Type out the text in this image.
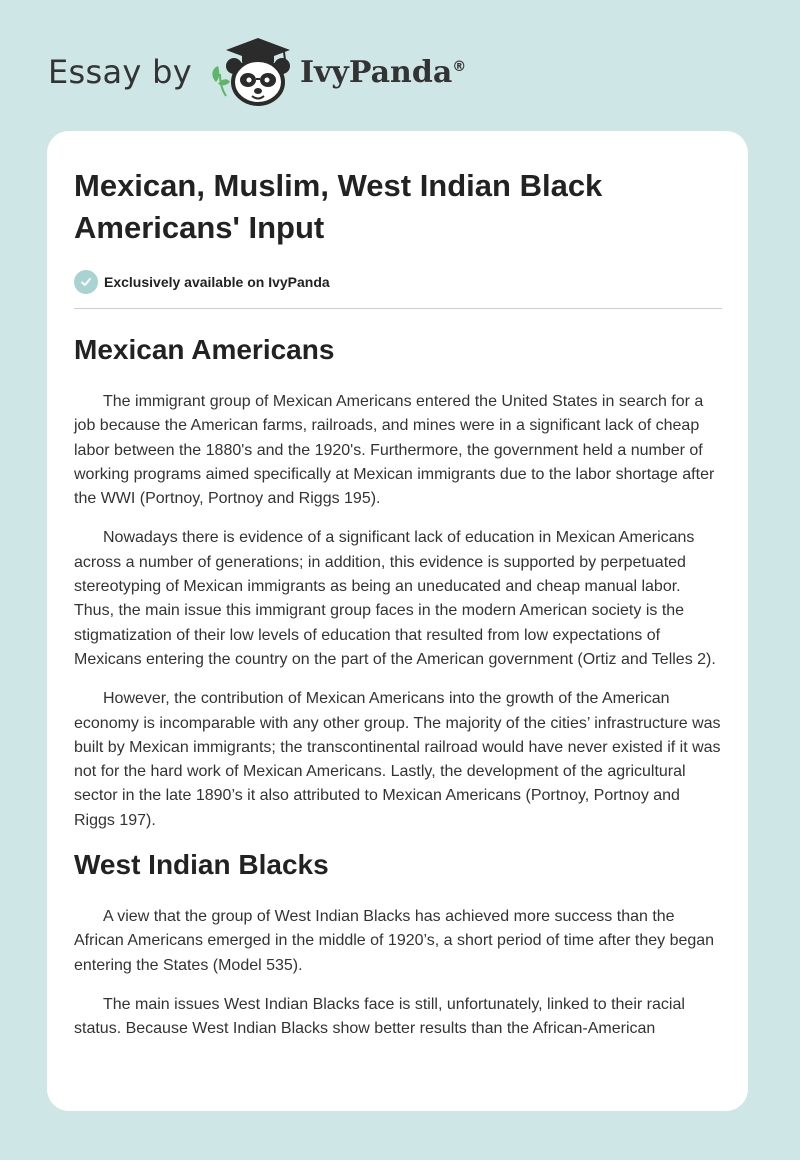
Essay by	IvyPanda®
Mexican, Muslim, West Indian Black Americans' Input
Exclusively available on IvyPanda
Mexican Americans

The immigrant group of Mexican Americans entered the United States in search for a job because the American farms, railroads, and mines were in a significant lack of cheap labor between the 1880's and the 1920's. Furthermore, the government held a number of working programs aimed specifically at Mexican immigrants due to the labor shortage after the WWI (Portnoy, Portnoy and Riggs 195).

Nowadays there is evidence of a significant lack of education in Mexican Americans across a number of generations; in addition, this evidence is supported by perpetuated stereotyping of Mexican immigrants as being an uneducated and cheap manual labor. Thus, the main issue this immigrant group faces in the modern American society is the stigmatization of their low levels of education that resulted from low expectations of Mexicans entering the country on the part of the American government (Ortiz and Telles 2).

However, the contribution of Mexican Americans into the growth of the American economy is incomparable with any other group. The majority of the cities’ infrastructure was built by Mexican immigrants; the transcontinental railroad would have never existed if it was not for the hard work of Mexican Americans. Lastly, the development of the agricultural sector in the late 1890’s it also attributed to Mexican Americans (Portnoy, Portnoy and Riggs 197).

West Indian Blacks

A view that the group of West Indian Blacks has achieved more success than the African Americans emerged in the middle of 1920’s, a short period of time after they began entering the States (Model 535).

The main issues West Indian Blacks face is still, unfortunately, linked to their racial status. Because West Indian Blacks show better results than the African-American
